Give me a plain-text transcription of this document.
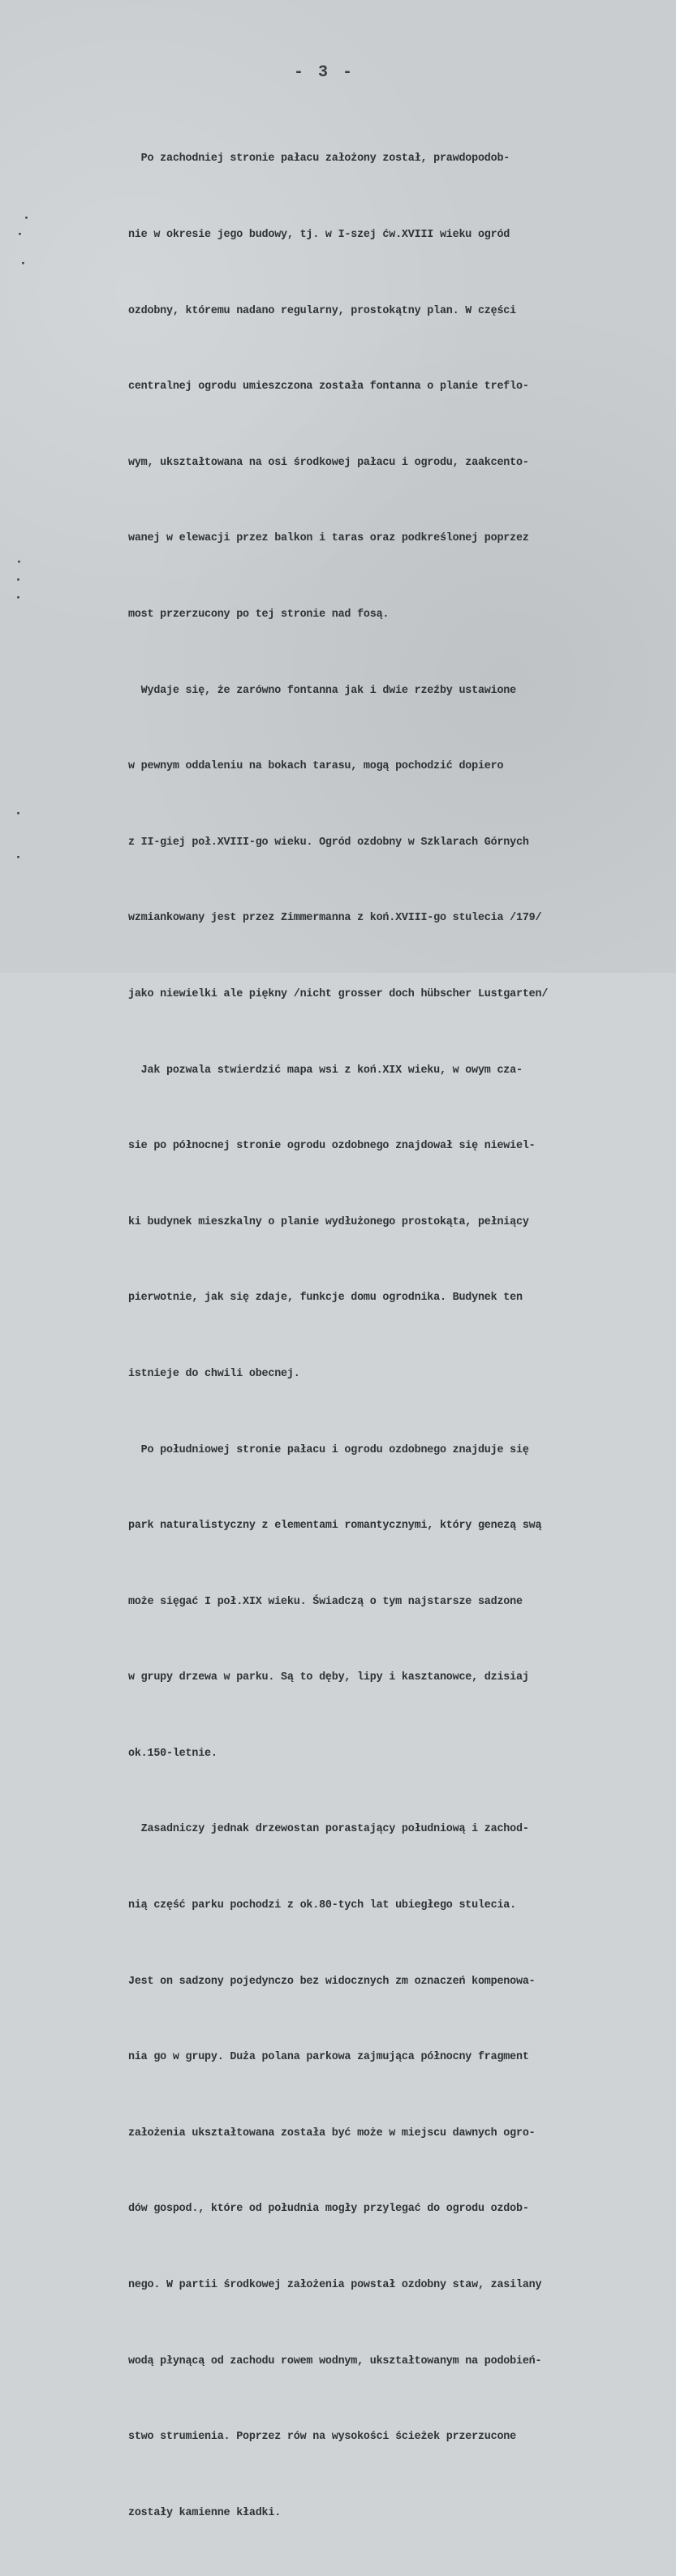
- 3 -

Po zachodniej stronie pałacu założony został, prawdopodob-

nie w okresie jego budowy, tj. w I-szej ćw.XVIII wieku ogród

ozdobny, któremu nadano regularny, prostokątny plan. W części

centralnej ogrodu umieszczona została fontanna o planie treflo-

wym, ukształtowana na osi środkowej pałacu i ogrodu, zaakcento-

wanej w elewacji przez balkon i taras oraz podkreślonej poprzez

most przerzucony po tej stronie nad fosą.

Wydaje się, że zarówno fontanna jak i dwie rzeźby ustawione

w pewnym oddaleniu na bokach tarasu, mogą pochodzić dopiero

z II-giej poł.XVIII-go wieku. Ogród ozdobny w Szklarach Górnych

wzmiankowany jest przez Zimmermanna z koń.XVIII-go stulecia /179/

jako niewielki ale piękny /nicht grosser doch hübscher Lustgarten/

Jak pozwala stwierdzić mapa wsi z koń.XIX wieku, w owym cza-

sie po północnej stronie ogrodu ozdobnego znajdował się niewiel-

ki budynek mieszkalny o planie wydłużonego prostokąta, pełniący

pierwotnie, jak się zdaje, funkcje domu ogrodnika. Budynek ten

istnieje do chwili obecnej.

Po południowej stronie pałacu i ogrodu ozdobnego znajduje się

park naturalistyczny z elementami romantycznymi, który genezą swą

może sięgać I poł.XIX wieku. Świadczą o tym najstarsze sadzone

w grupy drzewa w parku. Są to dęby, lipy i kasztanowce, dzisiaj

ok.150-letnie.

Zasadniczy jednak drzewostan porastający południową i zachod-

nią część parku pochodzi z ok.80-tych lat ubiegłego stulecia.

Jest on sadzony pojedynczo bez widocznych zm oznaczeń kompenowa-

nia go w grupy. Duża polana parkowa zajmująca północny fragment

założenia ukształtowana została być może w miejscu dawnych ogro-

dów gospod., które od południa mogły przylegać do ogrodu ozdob-

nego. W partii środkowej założenia powstał ozdobny staw, zasilany

wodą płynącą od zachodu rowem wodnym, ukształtowanym na podobień-

stwo strumienia. Poprzez rów na wysokości ścieżek przerzucone

zostały kamienne kładki.

·
·
·
·
·
·
·
·
